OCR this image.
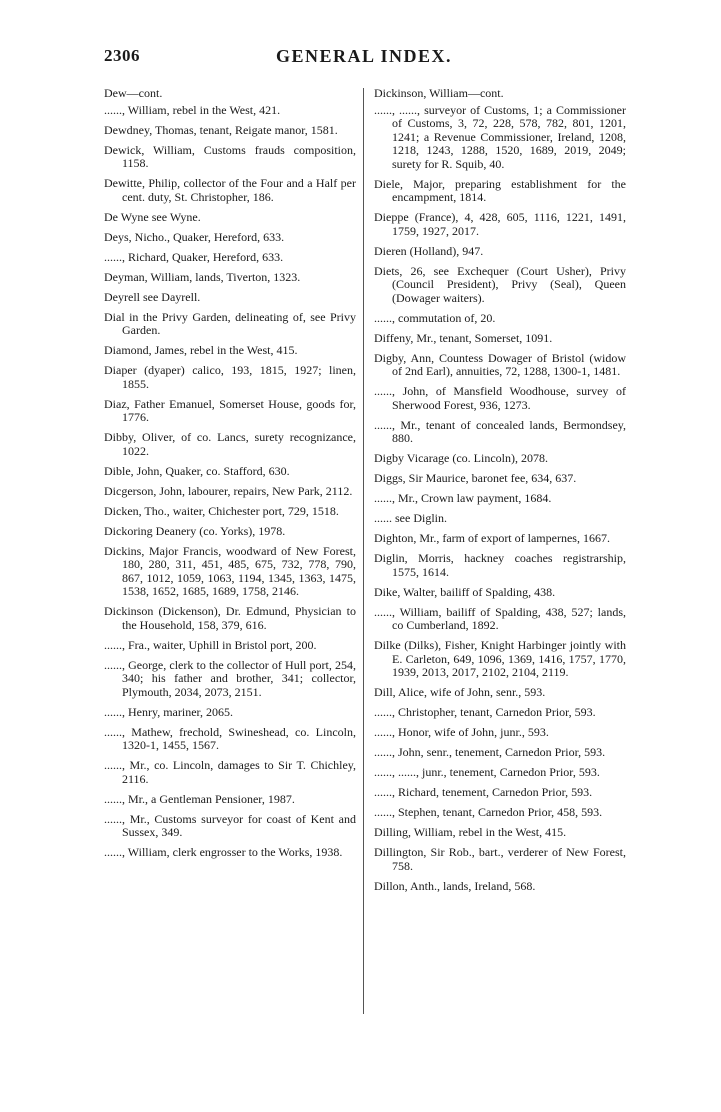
2306	GENERAL INDEX.

Dew—cont.

......, William, rebel in the West, 421.

Dewdney, Thomas, tenant, Reigate manor, 1581.

Dewick, William, Customs frauds composition, 1158.

Dewitte, Philip, collector of the Four and a Half per cent. duty, St. Christopher, 186.

De Wyne see Wyne.

Deys, Nicho., Quaker, Hereford, 633.

......, Richard, Quaker, Hereford, 633.

Deyman, William, lands, Tiverton, 1323.

Deyrell see Dayrell.

Dial in the Privy Garden, delineating of, see Privy Garden.

Diamond, James, rebel in the West, 415.

Diaper (dyaper) calico, 193, 1815, 1927; linen, 1855.

Diaz, Father Emanuel, Somerset House, goods for, 1776.

Dibby, Oliver, of co. Lancs, surety recognizance, 1022.

Dible, John, Quaker, co. Stafford, 630.

Dicgerson, John, labourer, repairs, New Park, 2112.

Dicken, Tho., waiter, Chichester port, 729, 1518.

Dickoring Deanery (co. Yorks), 1978.

Dickins, Major Francis, woodward of New Forest, 180, 280, 311, 451, 485, 675, 732, 778, 790, 867, 1012, 1059, 1063, 1194, 1345, 1363, 1475, 1538, 1652, 1685, 1689, 1758, 2146.

Dickinson (Dickenson), Dr. Edmund, Physician to the Household, 158, 379, 616.

......, Fra., waiter, Uphill in Bristol port, 200.

......, George, clerk to the collector of Hull port, 254, 340; his father and brother, 341; collector, Plymouth, 2034, 2073, 2151.

......, Henry, mariner, 2065.

......, Mathew, frechold, Swineshead, co. Lincoln, 1320-1, 1455, 1567.

......, Mr., co. Lincoln, damages to Sir T. Chichley, 2116.

......, Mr., a Gentleman Pensioner, 1987.

......, Mr., Customs surveyor for coast of Kent and Sussex, 349.

......, William, clerk engrosser to the Works, 1938.

Dickinson, William—cont.

......, ......, surveyor of Customs, 1; a Commissioner of Customs, 3, 72, 228, 578, 782, 801, 1201, 1241; a Revenue Commissioner, Ireland, 1208, 1218, 1243, 1288, 1520, 1689, 2019, 2049; surety for R. Squib, 40.

Diele, Major, preparing establishment for the encampment, 1814.

Dieppe (France), 4, 428, 605, 1116, 1221, 1491, 1759, 1927, 2017.

Dieren (Holland), 947.

Diets, 26, see Exchequer (Court Usher), Privy (Council President), Privy (Seal), Queen (Dowager waiters).

......, commutation of, 20.

Diffeny, Mr., tenant, Somerset, 1091.

Digby, Ann, Countess Dowager of Bristol (widow of 2nd Earl), annuities, 72, 1288, 1300-1, 1481.

......, John, of Mansfield Woodhouse, survey of Sherwood Forest, 936, 1273.

......, Mr., tenant of concealed lands, Bermondsey, 880.

Digby Vicarage (co. Lincoln), 2078.

Diggs, Sir Maurice, baronet fee, 634, 637.

......, Mr., Crown law payment, 1684.

...... see Diglin.

Dighton, Mr., farm of export of lampernes, 1667.

Diglin, Morris, hackney coaches registrarship, 1575, 1614.

Dike, Walter, bailiff of Spalding, 438.

......, William, bailiff of Spalding, 438, 527; lands, co Cumberland, 1892.

Dilke (Dilks), Fisher, Knight Harbinger jointly with E. Carleton, 649, 1096, 1369, 1416, 1757, 1770, 1939, 2013, 2017, 2102, 2104, 2119.

Dill, Alice, wife of John, senr., 593.

......, Christopher, tenant, Carnedon Prior, 593.

......, Honor, wife of John, junr., 593.

......, John, senr., tenement, Carnedon Prior, 593.

......, ......, junr., tenement, Carnedon Prior, 593.

......, Richard, tenement, Carnedon Prior, 593.

......, Stephen, tenant, Carnedon Prior, 458, 593.

Dilling, William, rebel in the West, 415.

Dillington, Sir Rob., bart., verderer of New Forest, 758.

Dillon, Anth., lands, Ireland, 568.
